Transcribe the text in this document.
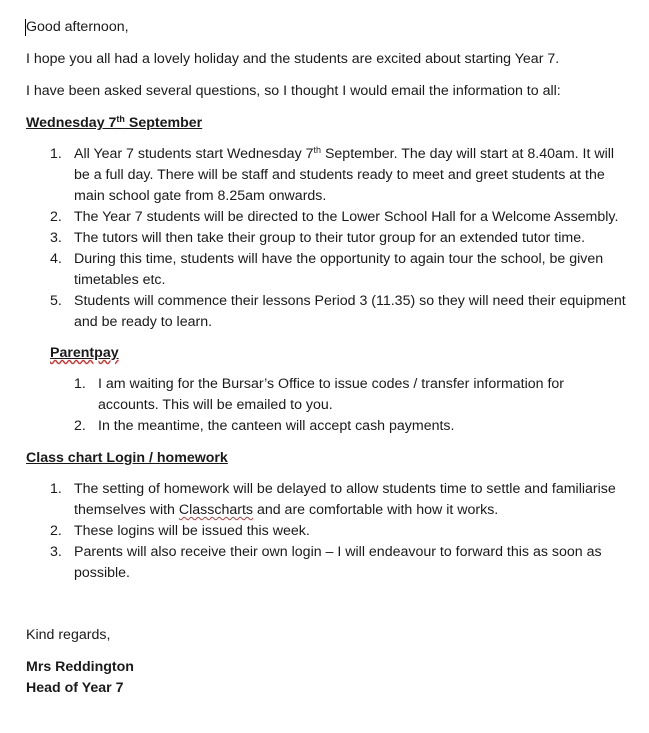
Good afternoon,

I hope you all had a lovely holiday and the students are excited about starting Year 7.

I have been asked several questions, so I thought I would email the information to all:

Wednesday 7th September

1. All Year 7 students start Wednesday 7th September. The day will start at 8.40am. It will be a full day. There will be staff and students ready to meet and greet students at the main school gate from 8.25am onwards.
2. The Year 7 students will be directed to the Lower School Hall for a Welcome Assembly.
3. The tutors will then take their group to their tutor group for an extended tutor time.
4. During this time, students will have the opportunity to again tour the school, be given timetables etc.
5. Students will commence their lessons Period 3 (11.35) so they will need their equipment and be ready to learn.

Parentpay

1. I am waiting for the Bursar’s Office to issue codes / transfer information for accounts. This will be emailed to you.
2. In the meantime, the canteen will accept cash payments.

Class chart Login / homework

1. The setting of homework will be delayed to allow students time to settle and familiarise themselves with Classcharts and are comfortable with how it works.
2. These logins will be issued this week.
3. Parents will also receive their own login – I will endeavour to forward this as soon as possible.

Kind regards,

Mrs Reddington

Head of Year 7
